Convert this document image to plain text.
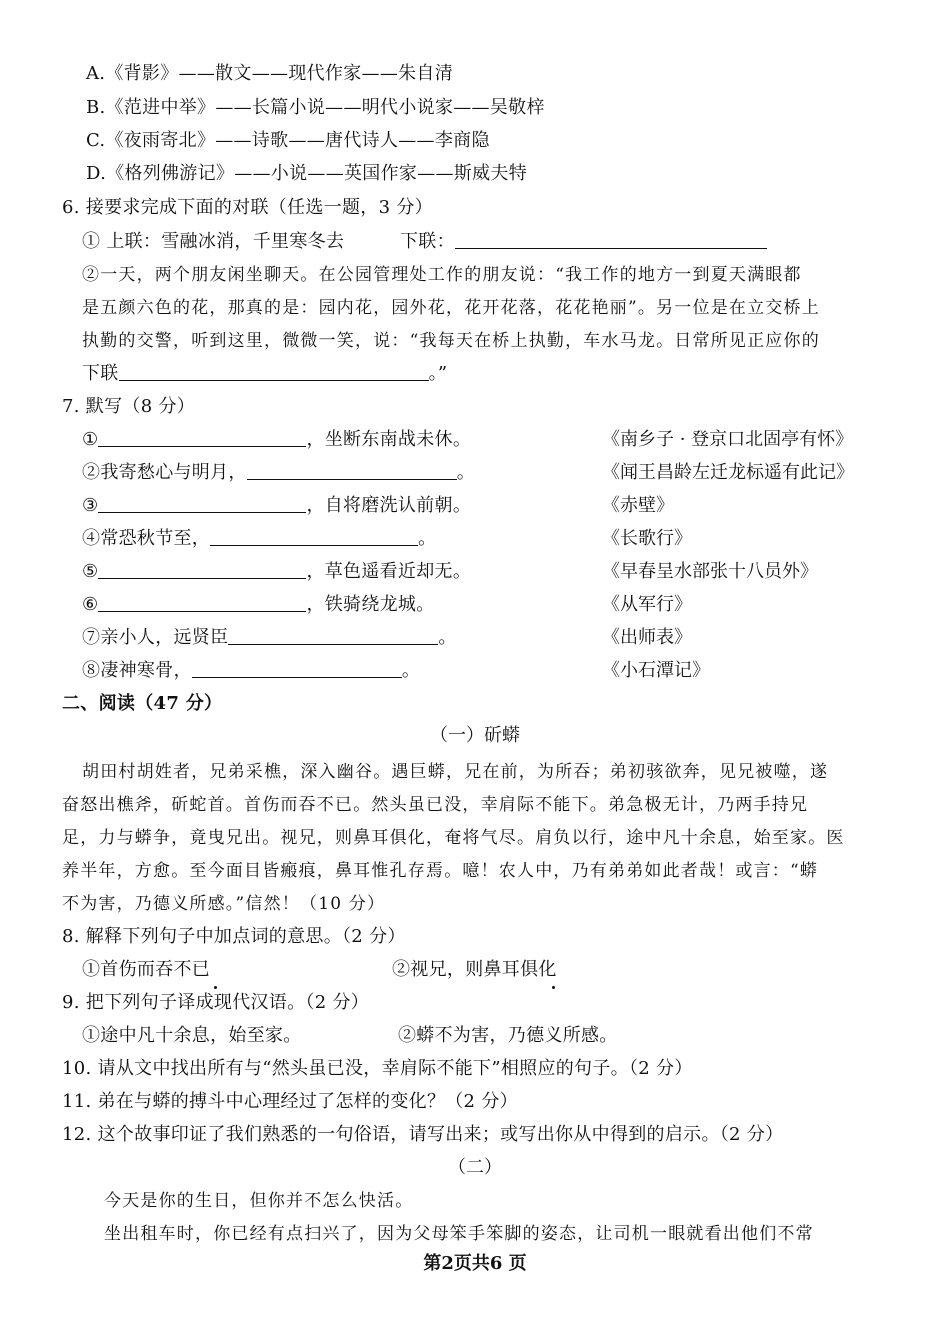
A.《背影》——散文——现代作家——朱自清
B.《范进中举》——长篇小说——明代小说家——吴敬梓
C.《夜雨寄北》——诗歌——唐代诗人——李商隐
D.《格列佛游记》——小说——英国作家——斯威夫特
6. 接要求完成下面的对联（任选一题，3 分）
① 上联：雪融冰消，千里寒冬去	下联：
②一天，两个朋友闲坐聊天。在公园管理处工作的朋友说：“我工作的地方一到夏天满眼都
是五颜六色的花，那真的是：园内花，园外花，花开花落，花花艳丽”。另一位是在立交桥上
执勤的交警，听到这里，微微一笑，说：“我每天在桥上执勤，车水马龙。日常所见正应你的
下联	。”
7. 默写（8 分）
①	，坐断东南战未休。	《南乡子 · 登京口北固亭有怀》
②我寄愁心与明月，	。	《闻王昌龄左迁龙标遥有此记》
③	，自将磨洗认前朝。	《赤壁》
④常恐秋节至，	。	《长歌行》
⑤	，草色遥看近却无。	《早春呈水部张十八员外》
⑥	，铁骑绕龙城。	《从军行》
⑦亲小人，远贤臣	。	《出师表》
⑧凄神寒骨，	。	《小石潭记》
二、阅读（47 分）
（一）斫蟒
胡田村胡姓者，兄弟采樵，深入幽谷。遇巨蟒，兄在前，为所吞；弟初骇欲奔，见兄被噬，遂
奋怒出樵斧，斫蛇首。首伤而吞不已。然头虽已没，幸肩际不能下。弟急极无计，乃两手持兄
足，力与蟒争，竟曳兄出。视兄，则鼻耳俱化，奄将气尽。肩负以行，途中凡十余息，始至家。医
养半年，方愈。至今面目皆瘢痕，鼻耳惟孔存焉。噫！农人中，乃有弟弟如此者哉！或言：“蟒
不为害，乃德义所感。”信然！（10 分）
8. 解释下列句子中加点词的意思。（2 分）
①首伤而吞不已	②视兄，则鼻耳俱化
9. 把下列句子译成现代汉语。（2 分）
①途中凡十余息，始至家。	②蟒不为害，乃德义所感。
10. 请从文中找出所有与“然头虽已没，幸肩际不能下”相照应的句子。（2 分）
11. 弟在与蟒的搏斗中心理经过了怎样的变化？（2 分）
12. 这个故事印证了我们熟悉的一句俗语，请写出来；或写出你从中得到的启示。（2 分）
（二）
今天是你的生日，但你并不怎么快活。
坐出租车时，你已经有点扫兴了，因为父母笨手笨脚的姿态，让司机一眼就看出他们不常
第2页共6 页
